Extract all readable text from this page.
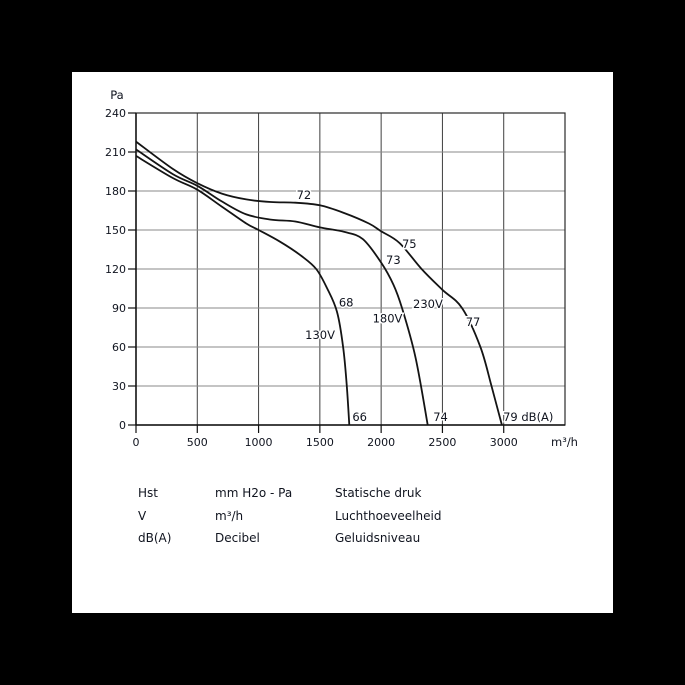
0	500	1000	1500	2000	2500	3000
0
30
60
90
120
150
180
210
240
Pa
m³/h
72
75
73
68	230V
180V
130V
77
66	74	79 dB(A)
Hst	mm H2o - Pa	Statische druk
V	m³/h	Luchthoeveelheid
dB(A)	Decibel	Geluidsniveau
